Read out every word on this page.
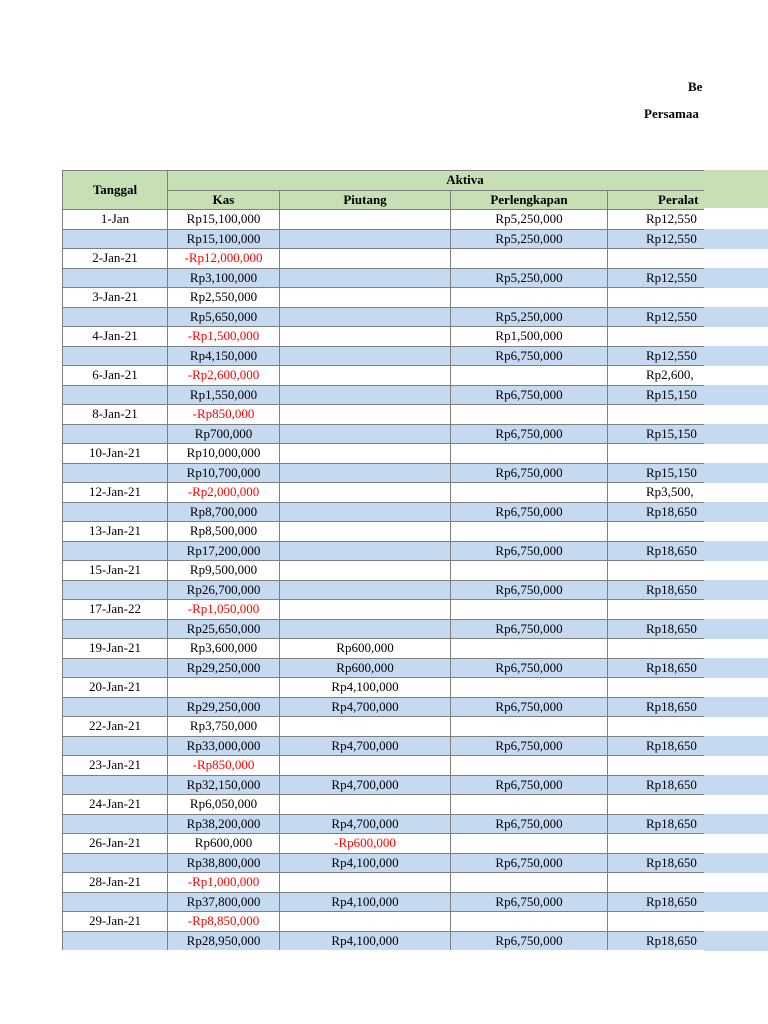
Be
Persamaa
Tanggal	Aktiva			
	Kas	Piutang	Perlengkapan	Peralat
1-Jan	Rp15,100,000		Rp5,250,000	Rp12,550
	Rp15,100,000		Rp5,250,000	Rp12,550
2-Jan-21	-Rp12,000,000			
	Rp3,100,000		Rp5,250,000	Rp12,550
3-Jan-21	Rp2,550,000			
	Rp5,650,000		Rp5,250,000	Rp12,550
4-Jan-21	-Rp1,500,000		Rp1,500,000	
	Rp4,150,000		Rp6,750,000	Rp12,550
6-Jan-21	-Rp2,600,000			Rp2,600,
	Rp1,550,000		Rp6,750,000	Rp15,150
8-Jan-21	-Rp850,000			
	Rp700,000		Rp6,750,000	Rp15,150
10-Jan-21	Rp10,000,000			
	Rp10,700,000		Rp6,750,000	Rp15,150
12-Jan-21	-Rp2,000,000			Rp3,500,
	Rp8,700,000		Rp6,750,000	Rp18,650
13-Jan-21	Rp8,500,000			
	Rp17,200,000		Rp6,750,000	Rp18,650
15-Jan-21	Rp9,500,000			
	Rp26,700,000		Rp6,750,000	Rp18,650
17-Jan-22	-Rp1,050,000			
	Rp25,650,000		Rp6,750,000	Rp18,650
19-Jan-21	Rp3,600,000	Rp600,000		
	Rp29,250,000	Rp600,000	Rp6,750,000	Rp18,650
20-Jan-21		Rp4,100,000		
	Rp29,250,000	Rp4,700,000	Rp6,750,000	Rp18,650
22-Jan-21	Rp3,750,000			
	Rp33,000,000	Rp4,700,000	Rp6,750,000	Rp18,650
23-Jan-21	-Rp850,000			
	Rp32,150,000	Rp4,700,000	Rp6,750,000	Rp18,650
24-Jan-21	Rp6,050,000			
	Rp38,200,000	Rp4,700,000	Rp6,750,000	Rp18,650
26-Jan-21	Rp600,000	-Rp600,000		
	Rp38,800,000	Rp4,100,000	Rp6,750,000	Rp18,650
28-Jan-21	-Rp1,000,000			
	Rp37,800,000	Rp4,100,000	Rp6,750,000	Rp18,650
29-Jan-21	-Rp8,850,000			
	Rp28,950,000	Rp4,100,000	Rp6,750,000	Rp18,650
